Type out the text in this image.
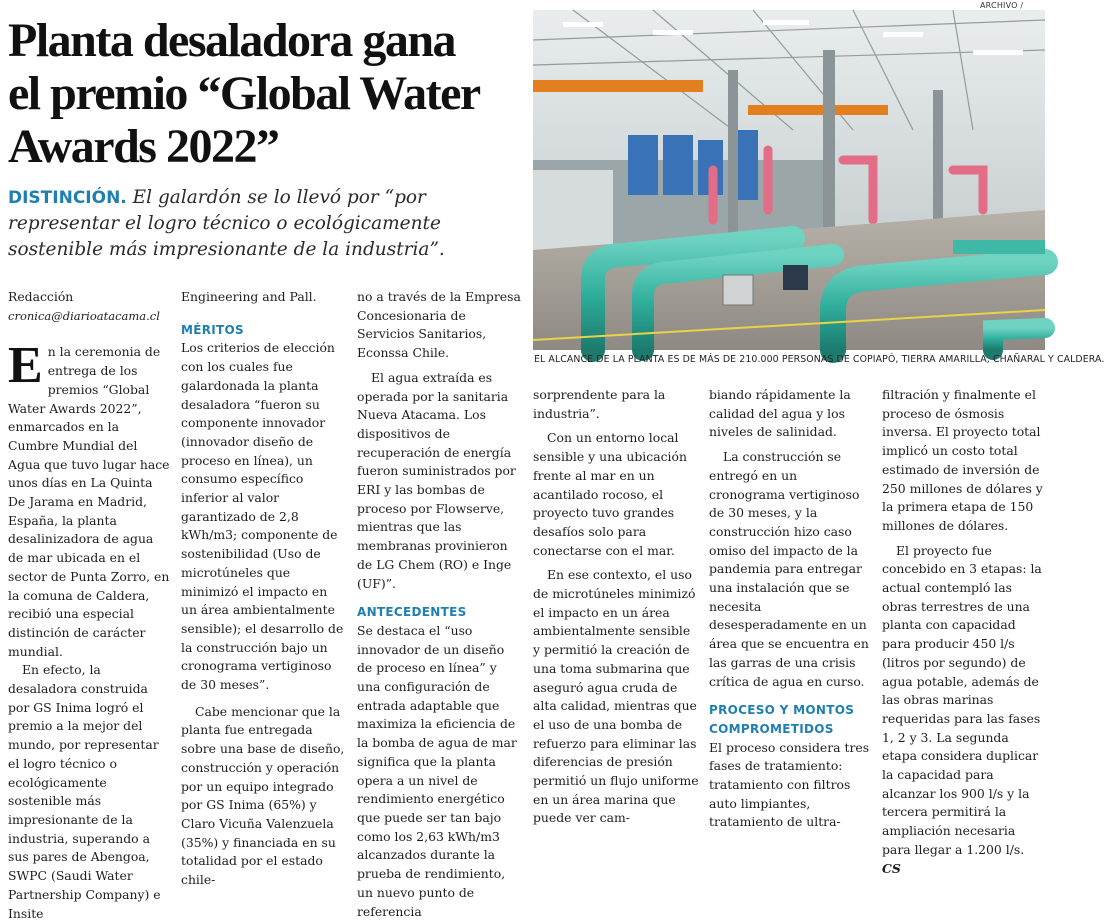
Planta desaladora gana
el premio “Global Water
Awards 2022”
DISTINCIÓN. El galardón se lo llevó por “por representar el logro técnico o ecológicamente sostenible más impresionante de la industria”.
ARCHIVO /
EL ALCANCE DE LA PLANTA ES DE MÁS DE 210.000 PERSONAS DE COPIAPÓ, TIERRA AMARILLA, CHAÑARAL Y CALDERA.

Redacción

cronica@diarioatacama.cl

En la ceremonia de entrega de los premios “Global Water Awards 2022”, enmarcados en la Cumbre Mundial del Agua que tuvo lugar hace unos días en La Quinta De Jarama en Madrid, España, la planta desalinizadora de agua de mar ubicada en el sector de Punta Zorro, en la comuna de Caldera, recibió una especial distinción de carácter mundial.

En efecto, la desaladora construida por GS Inima logró el premio a la mejor del mundo, por representar el logro técnico o ecológicamente sostenible más impresionante de la industria, superando a sus pares de Abengoa, SWPC (Saudi Water Partnership Company) e Insite

Engineering and Pall.

MÉRITOS

Los criterios de elección con los cuales fue galardonada la planta desaladora “fueron su componente innovador (innovador diseño de proceso en línea), un consumo específico inferior al valor garantizado de 2,8 kWh/m3; componente de sostenibilidad (Uso de microtúneles que minimizó el impacto en un área ambientalmente sensible); el desarrollo de la construcción bajo un cronograma vertiginoso de 30 meses”.

Cabe mencionar que la planta fue entregada sobre una base de diseño, construcción y operación por un equipo integrado por GS Inima (65%) y Claro Vicuña Valenzuela (35%) y financiada en su totalidad por el estado chile-

no a través de la Empresa Concesionaria de Servicios Sanitarios, Econssa Chile.

El agua extraída es operada por la sanitaria Nueva Atacama. Los dispositivos de recuperación de energía fueron suministrados por ERI y las bombas de proceso por Flowserve, mientras que las membranas provinieron de LG Chem (RO) e Inge (UF)”.

ANTECEDENTES

Se destaca el “uso innovador de un diseño de proceso en línea” y una configuración de entrada adaptable que maximiza la eficiencia de la bomba de agua de mar significa que la planta opera a un nivel de rendimiento energético que puede ser tan bajo como los 2,63 kWh/m3 alcanzados durante la prueba de rendimiento, un nuevo punto de referencia

sorprendente para la industria”.

Con un entorno local sensible y una ubicación frente al mar en un acantilado rocoso, el proyecto tuvo grandes desafíos solo para conectarse con el mar.

En ese contexto, el uso de microtúneles minimizó el impacto en un área ambientalmente sensible y permitió la creación de una toma submarina que aseguró agua cruda de alta calidad, mientras que el uso de una bomba de refuerzo para eliminar las diferencias de presión permitió un flujo uniforme en un área marina que puede ver cam-

biando rápidamente la calidad del agua y los niveles de salinidad.

La construcción se entregó en un cronograma vertiginoso de 30 meses, y la construcción hizo caso omiso del impacto de la pandemia para entregar una instalación que se necesita desesperadamente en un área que se encuentra en las garras de una crisis crítica de agua en curso.

PROCESO Y MONTOS COMPROMETIDOS

El proceso considera tres fases de tratamiento: tratamiento con filtros auto limpiantes, tratamiento de ultra-

filtración y finalmente el proceso de ósmosis inversa. El proyecto total implicó un costo total estimado de inversión de 250 millones de dólares y la primera etapa de 150 millones de dólares.

El proyecto fue concebido en 3 etapas: la actual contempló las obras terrestres de una planta con capacidad para producir 450 l/s (litros por segundo) de agua potable, además de las obras marinas requeridas para las fases 1, 2 y 3. La segunda etapa considera duplicar la capacidad para alcanzar los 900 l/s y la tercera permitirá la ampliación necesaria para llegar a 1.200 l/s. CS
